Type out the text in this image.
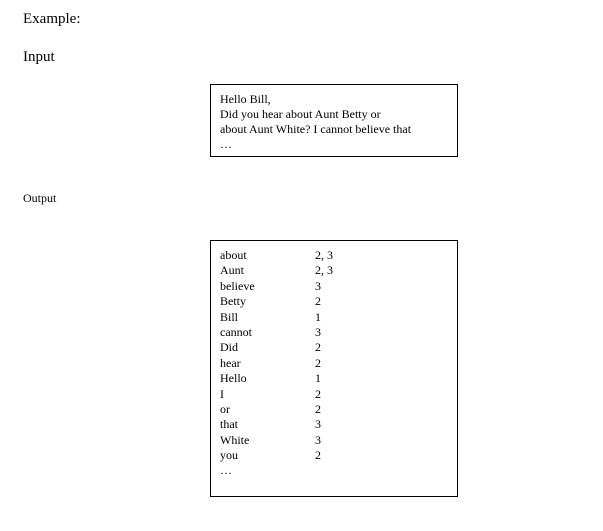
Example:
Input
Hello Bill,
Did you hear about Aunt Betty or
about Aunt White? I cannot believe that
…
Output
about	2, 3
Aunt	2, 3
believe	3
Betty	2
Bill	1
cannot	3
Did	2
hear	2
Hello	1
I	2
or	2
that	3
White	3
you	2
…
